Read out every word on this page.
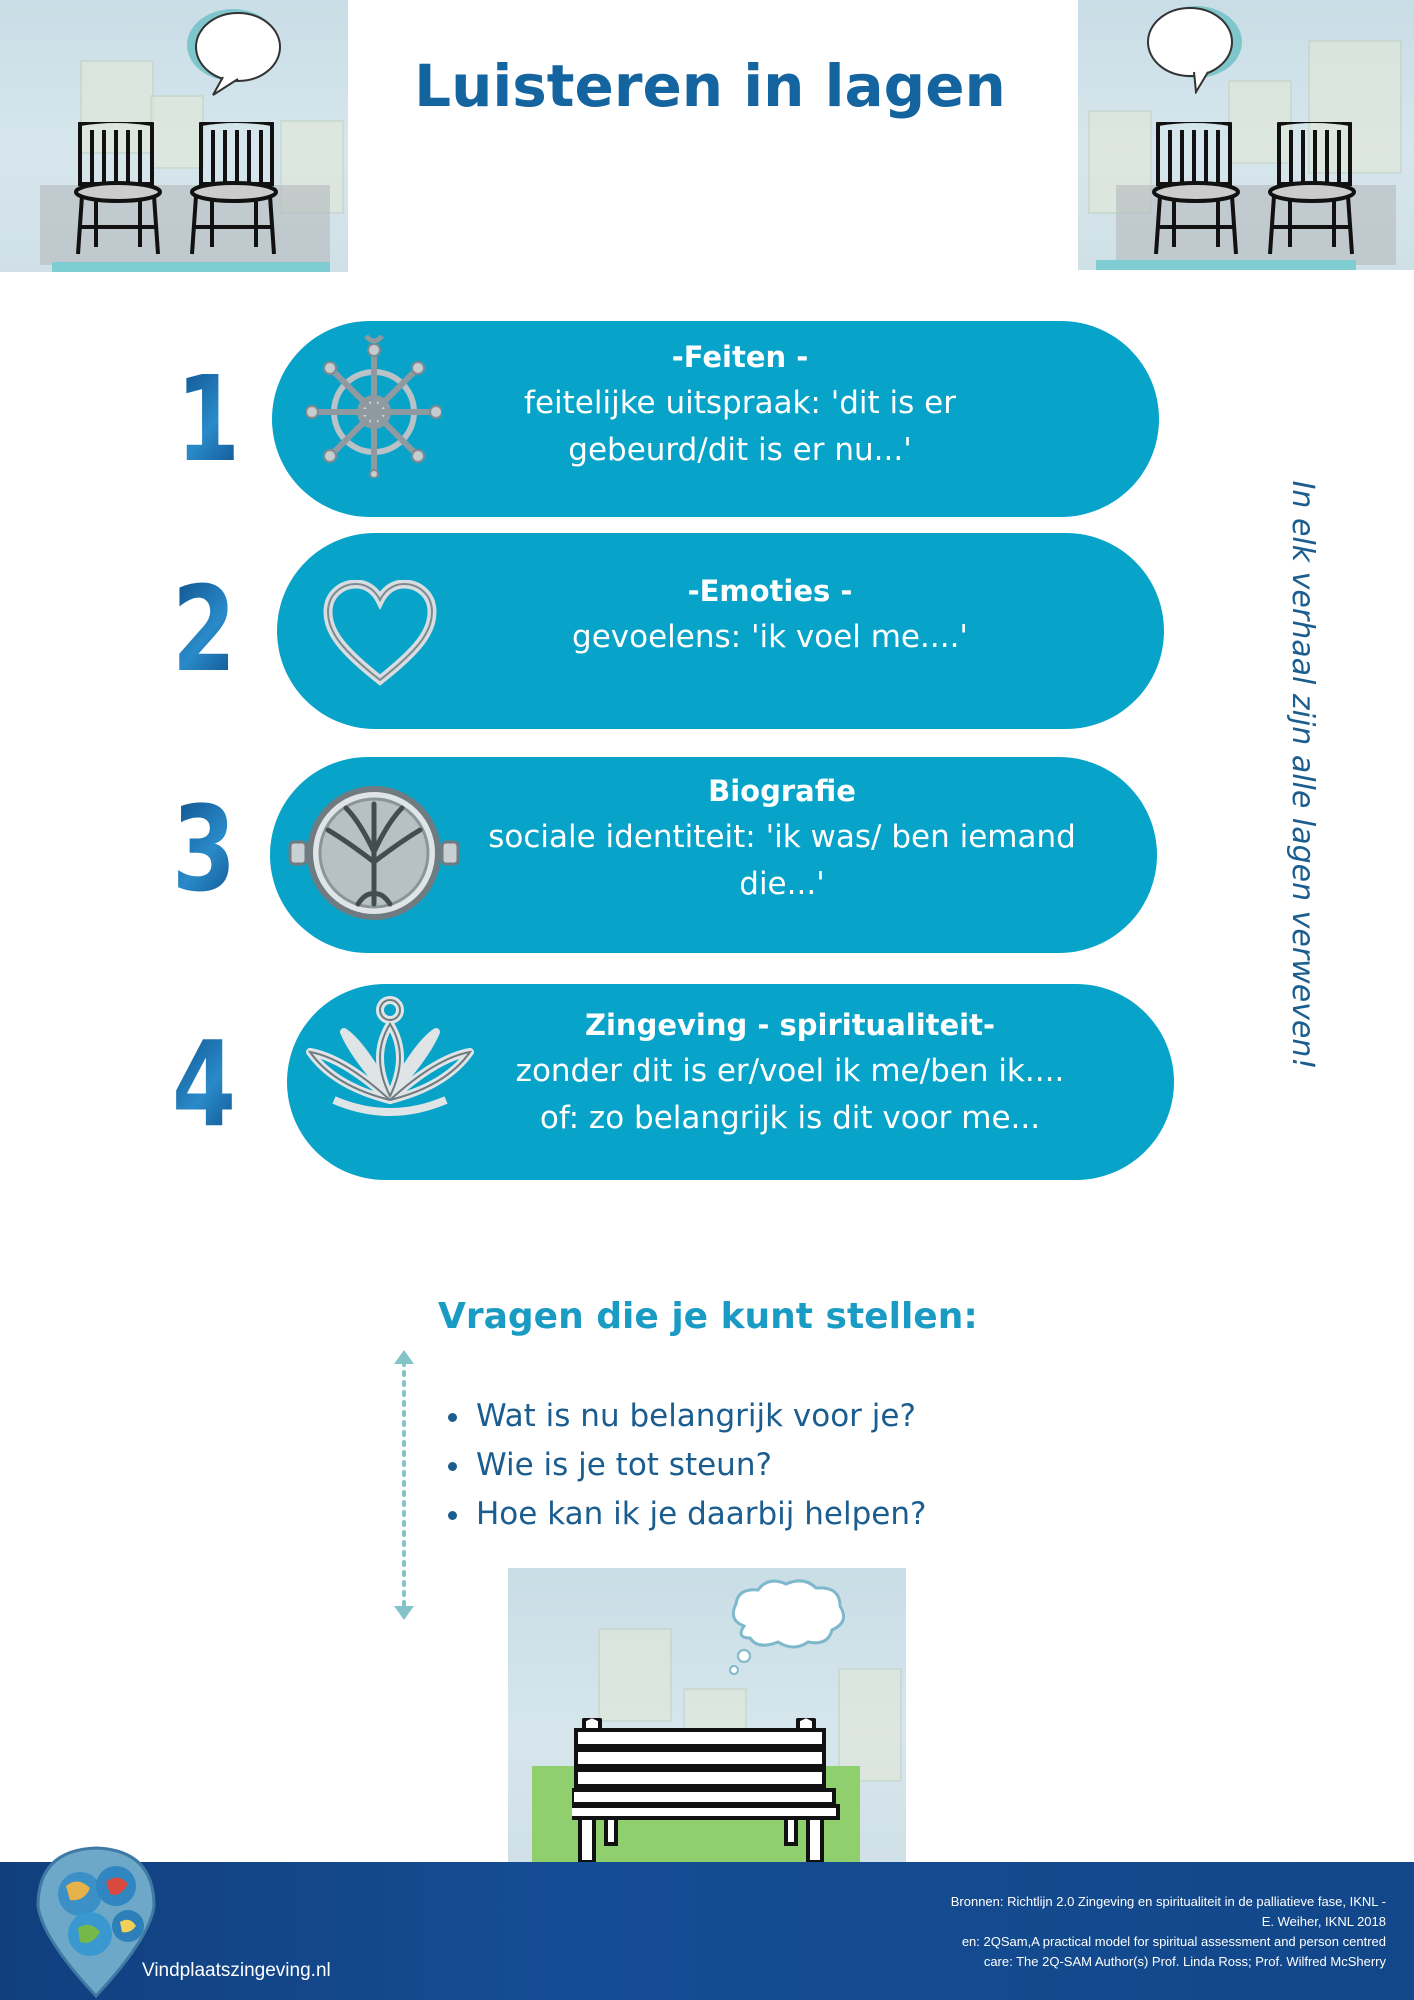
Luisteren in lagen
1	-Feiten -
feitelijke uitspraak: 'dit is er gebeurd/dit is er nu...'
2	-Emoties -
gevoelens: 'ik voel me....'
3	Biografie
sociale identiteit: 'ik was/ ben iemand die...'
4	Zingeving - spiritualiteit-
zonder dit is er/voel ik me/ben ik....
of: zo belangrijk is dit voor me...
In elk verhaal zijn alle lagen verweven!
Vragen die je kunt stellen:
Wat is nu belangrijk voor je?
Wie is je tot steun?
Hoe kan ik je daarbij helpen?
Vindplaatszingeving.nl
Bronnen: Richtlijn 2.0 Zingeving en spiritualiteit in de palliatieve fase, IKNL -
E. Weiher, IKNL 2018
en: 2QSam,A practical model for spiritual assessment and person centred
care: The 2Q-SAM Author(s) Prof. Linda Ross; Prof. Wilfred McSherry
